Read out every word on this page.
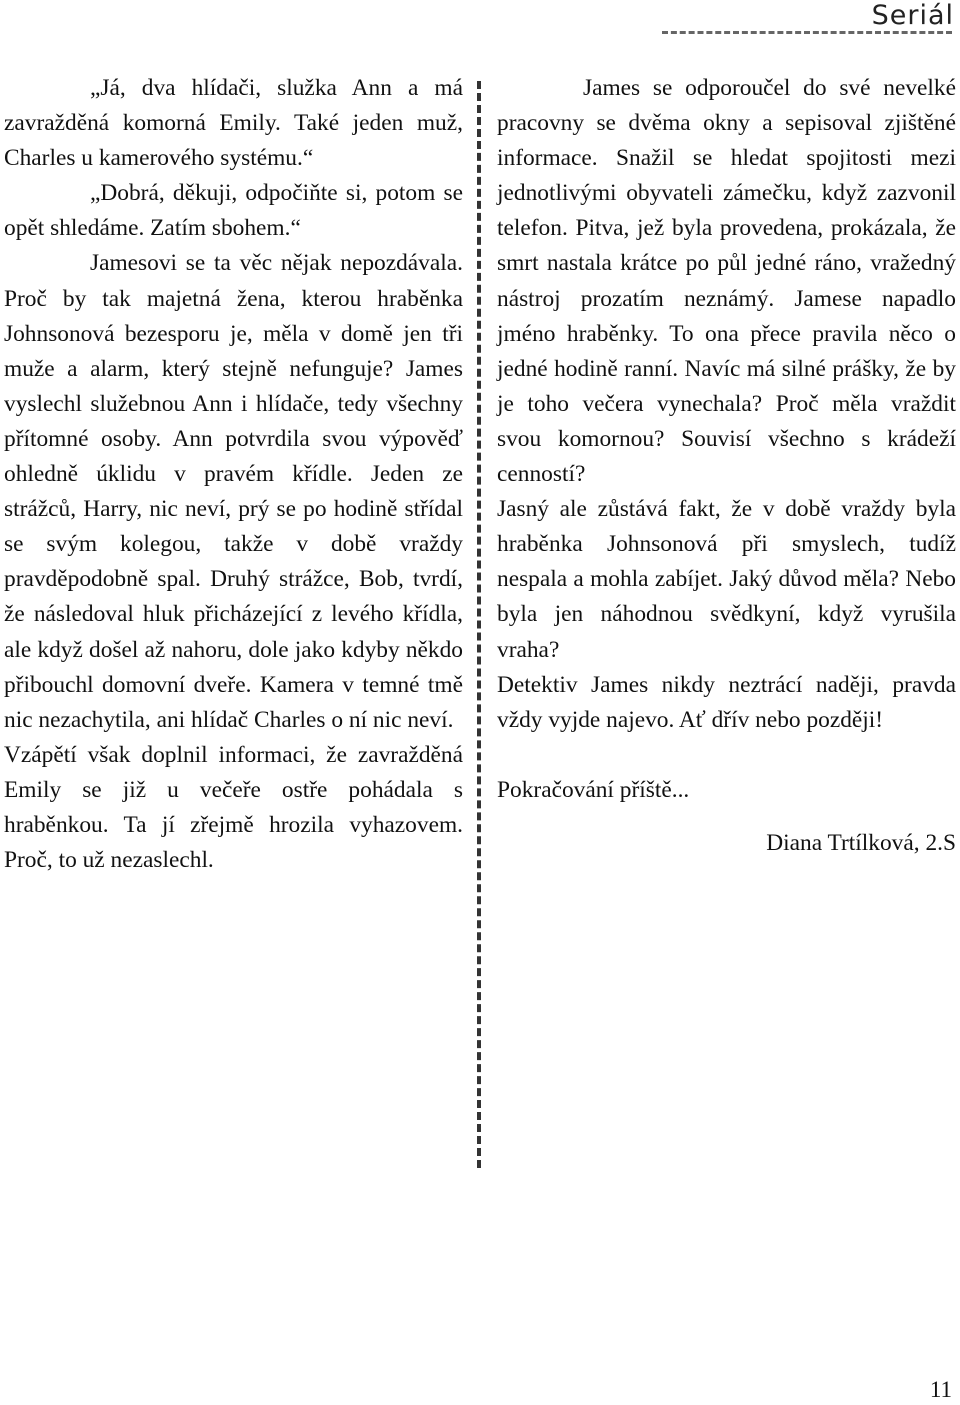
Seriál

„Já, dva hlídači, služka Ann a má zavražděná komorná Emily. Také jeden muž, Charles u kamerového systému.“

„Dobrá, děkuji, odpočiňte si, potom se opět shledáme. Zatím sbohem.“

Jamesovi se ta věc nějak nepozdávala. Proč by tak majetná žena, kterou hraběnka Johnsonová bezesporu je, měla v domě jen tři muže a alarm, který stejně nefunguje? James vyslechl služebnou Ann i hlídače, tedy všechny přítomné osoby. Ann potvrdila svou výpověď ohledně úklidu v pravém křídle. Jeden ze strážců, Harry, nic neví, prý se po hodině střídal se svým kolegou, takže v době vraždy pravděpodobně spal. Druhý strážce, Bob, tvrdí, že následoval hluk přicházející z levého křídla, ale když došel až nahoru, dole jako kdyby někdo přibouchl domovní dveře. Kamera v temné tmě nic nezachytila, ani hlídač Charles o ní nic neví.

Vzápětí však doplnil informaci, že zavražděná Emily se již u večeře ostře pohádala s hraběnkou. Ta jí zřejmě hrozila vyhazovem. Proč, to už nezaslechl.

James se odporoučel do své nevelké pracovny se dvěma okny a sepisoval zjištěné informace. Snažil se hledat spojitosti mezi jednotlivými obyvateli zámečku, když zazvonil telefon. Pitva, jež byla provedena, prokázala, že smrt nastala krátce po půl jedné ráno, vražedný nástroj prozatím neznámý. Jamese napadlo jméno hraběnky. To ona přece pravila něco o jedné hodině ranní. Navíc má silné prášky, že by je toho večera vynechala? Proč měla vraždit svou komornou? Souvisí všechno s krádeží cenností?

Jasný ale zůstává fakt, že v době vraždy byla hraběnka Johnsonová při smyslech, tudíž nespala a mohla zabíjet. Jaký důvod měla? Nebo byla jen náhodnou svědkyní, když vyrušila vraha?

Detektiv James nikdy neztrácí naději, pravda vždy vyjde najevo. Ať dřív nebo později!

Pokračování příště...

Diana Trtílková, 2.S

11
